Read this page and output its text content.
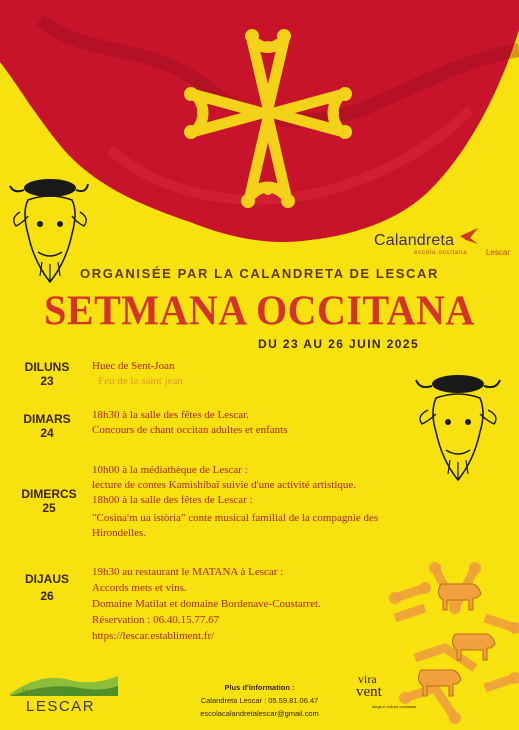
Calandreta
escòla occitana Lescar
ORGANISÉE PAR LA CALANDRETA DE LESCAR
SETMANA OCCITANA
DU 23 AU 26 JUIN 2025
DILUNS
23
Huec de Sent-Joan
Feu de la saint jean
DIMARS
24
18h30 à la salle des fêtes de Lescar.
Concours de chant occitan adultes et enfants
DIMERCS
25
10h00 à la médiathèque de Lescar :
lecture de contes Kamishibaï suivie d'une activité artistique.
18h00 à la salle des fêtes de Lescar :
"Cosina'm ua istòria" conte musical familial de la compagnie des
Hirondelles.
DIJAUS
26
19h30 au restaurant le MATANA à Lescar :
Accords mets et vins.
Domaine Matilat et domaine Bordenave-Coustarret.
Réservation : 06.40.15.77.67
https://lescar.establiment.fr/
Ma ville Lescar
LESCAR
Plus d'information :
Calandreta Lescar : 05.59.81.06.47
escolacalandretalescar@gmail.com
vira
vent
lenga e cultura occitanas
